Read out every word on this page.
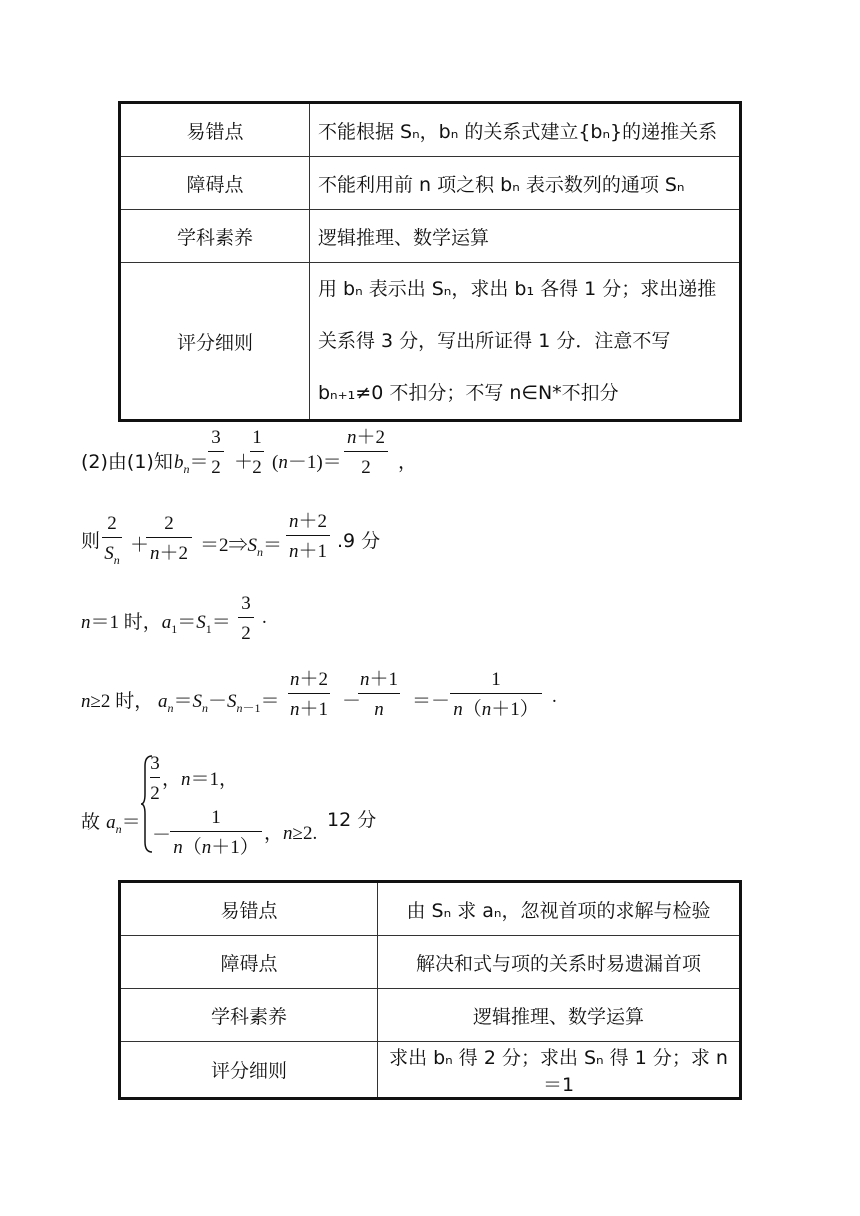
易错点	不能根据 Sₙ，bₙ 的关系式建立{bₙ}的递推关系
障碍点	不能利用前 n 项之积 bₙ 表示数列的通项 Sₙ
学科素养	逻辑推理、数学运算
评分细则	用 bₙ 表示出 Sₙ，求出 b₁ 各得 1 分；求出递推关系得 3 分，写出所证得 1 分．注意不写 bₙ₊₁≠0 不扣分；不写 n∈N*不扣分
(2)由(1)知 $b_n= \frac{3}{2}$ ＋
$\frac{1}{2} (n-1)= \frac{n+2}{2}$ ，
则 $\frac{2}{S_n}$ ＋
$\frac{2}{n+2}$ $=2\Rightarrow S_n= \frac{n+2}{n+1} .9$ 分
n＝1 时，$a_1=S_1= \frac{3}{2}$ .
n≥2 时， $a_n=S_n-S_{n-1}= \frac{n+2}{n+1}$ －
$\frac{n+1}{n} =- \frac{1}{n(n+1)}$ .
故 $a_n=$
$\frac{3}{2}$ ，n＝1，
－
$\frac{1}{n(n+1)}$ ，n≥2.
12 分
易错点	由 Sₙ 求 aₙ，忽视首项的求解与检验
障碍点	解决和式与项的关系时易遗漏首项
学科素养	逻辑推理、数学运算
评分细则	求出 bₙ 得 2 分；求出 Sₙ 得 1 分；求 n＝1
